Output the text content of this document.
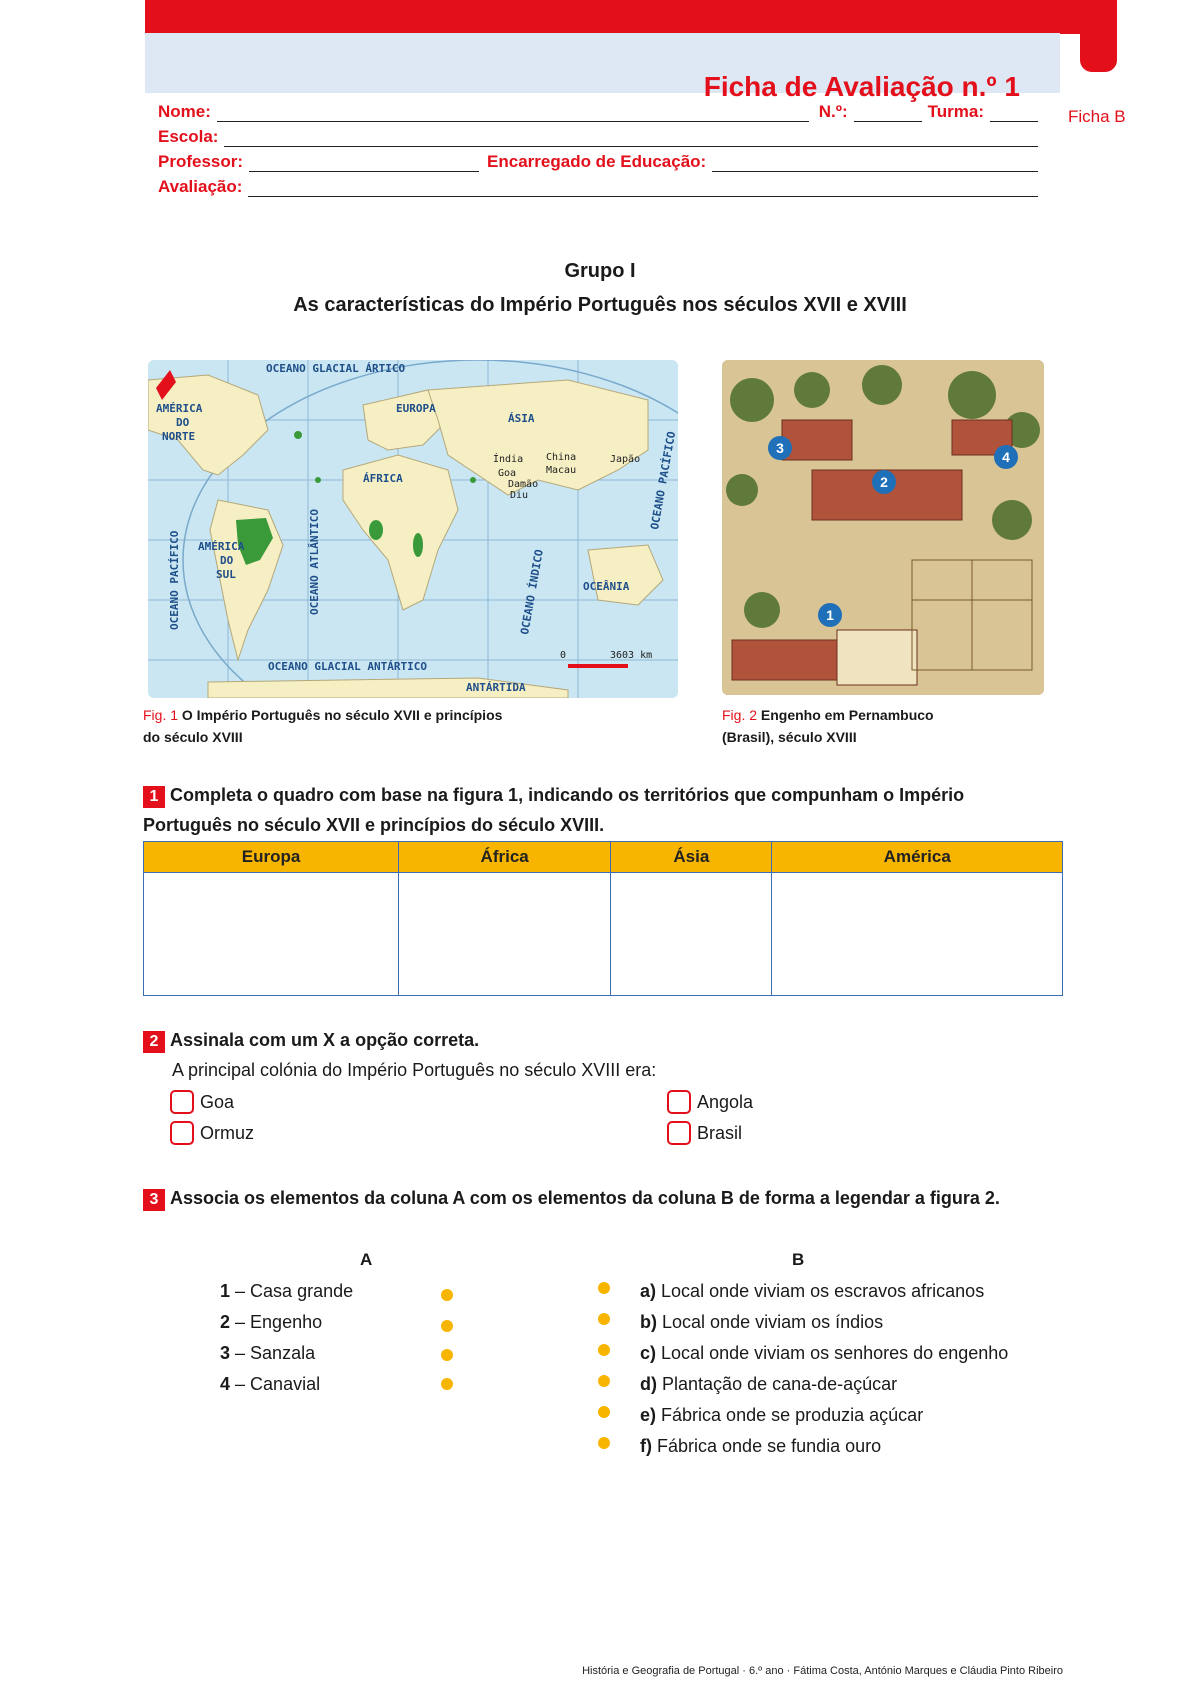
Ficha de Avaliação n.º 1
Ficha B
Nome:	N.º:	Turma:
Escola:
Professor:	Encarregado de Educação:
Avaliação:
Grupo I
As características do Império Português nos séculos XVII e XVIII
OCEANO GLACIAL ÁRTICO
AMÉRICA
DO
NORTE
EUROPA
ÁSIA
ÁFRICA
AMÉRICA
DO
SUL
OCEÂNIA
OCEANO GLACIAL ANTÁRTICO
ANTÁRTIDA
OCEANO PACÍFICO	OCEANO ATLÂNTICO	OCEANO ÍNDICO
OCEANO PACÍFICO
Índia China
Macau
Japão
Goa
Damão
Diu
0	3603 km
Fig. 1 O Império Português no século XVII e princípios
do século XVIII
1
2
3
4
Fig. 2 Engenho em Pernambuco
(Brasil), século XVIII
1 Completa o quadro com base na figura 1, indicando os territórios que compunham o Império
Português no século XVII e princípios do século XVIII.
Europa	África	Ásia	América

2 Assinala com um X a opção correta.
A principal colónia do Império Português no século XVIII era:
Goa
Ormuz
Angola
Brasil
3 Associa os elementos da coluna A com os elementos da coluna B de forma a legendar a figura 2.
A	B
1 – Casa grande
2 – Engenho
3 – Sanzala
4 – Canavial
a) Local onde viviam os escravos africanos
b) Local onde viviam os índios
c) Local onde viviam os senhores do engenho
d) Plantação de cana-de-açúcar
e) Fábrica onde se produzia açúcar
f) Fábrica onde se fundia ouro
História e Geografia de Portugal · 6.º ano · Fátima Costa, António Marques e Cláudia Pinto Ribeiro
